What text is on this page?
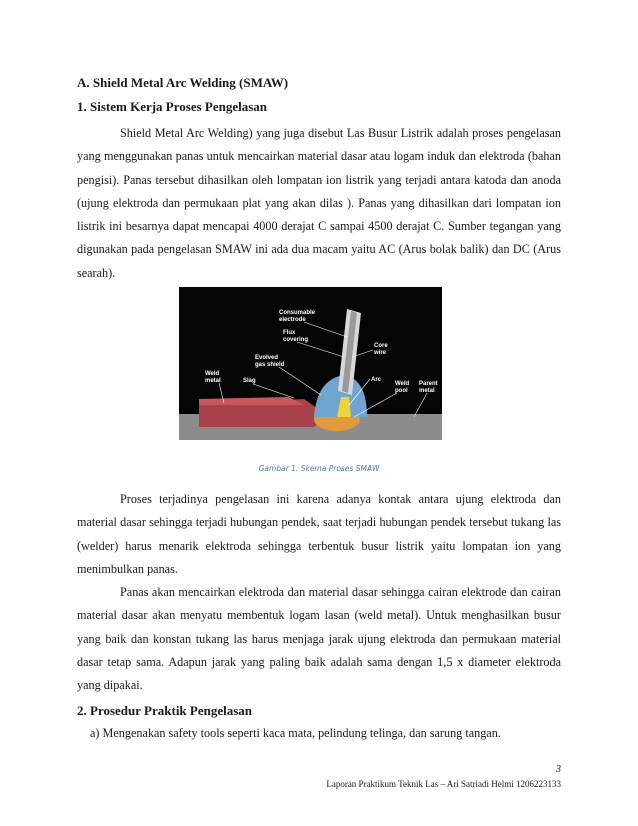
A. Shield Metal Arc Welding (SMAW)
1. Sistem Kerja Proses Pengelasan

Shield Metal Arc Welding) yang juga disebut Las Busur Listrik adalah proses pengelasan yang menggunakan panas untuk mencairkan material dasar atau logam induk dan elektroda (bahan pengisi). Panas tersebut dihasilkan oleh lompatan ion listrik yang terjadi antara katoda dan anoda (ujung elektroda dan permukaan plat yang akan dilas ). Panas yang dihasilkan dari lompatan ion listrik ini besarnya dapat mencapai 4000 derajat C sampai 4500 derajat C. Sumber tegangan yang digunakan pada pengelasan SMAW ini ada dua macam yaitu AC (Arus bolak balik) dan DC (Arus searah).

Consumable
electrode
Flux
covering
Core
wire
Evolved
gas shield
Weld
metal	Slag	Arc
Weld
pool
Parent
metal
Gambar 1. Skema Proses SMAW

Proses terjadinya pengelasan ini karena adanya kontak antara ujung elektroda dan material dasar sehingga terjadi hubungan pendek, saat terjadi hubungan pendek tersebut tukang las (welder) harus menarik elektroda sehingga terbentuk busur listrik yaitu lompatan ion yang menimbulkan panas.

Panas akan mencairkan elektroda dan material dasar sehingga cairan elektrode dan cairan material dasar akan menyatu membentuk logam lasan (weld metal). Untuk menghasilkan busur yang baik dan konstan tukang las harus menjaga jarak ujung elektroda dan permukaan material dasar tetap sama. Adapun jarak yang paling baik adalah sama dengan 1,5 x diameter elektroda yang dipakai.

2. Prosedur Praktik Pengelasan
a) Mengenakan safety tools seperti kaca mata, pelindung telinga, dan sarung tangan.
3
Laporan Praktikum Teknik Las – Ari Satriadi Helmi 1206223133
